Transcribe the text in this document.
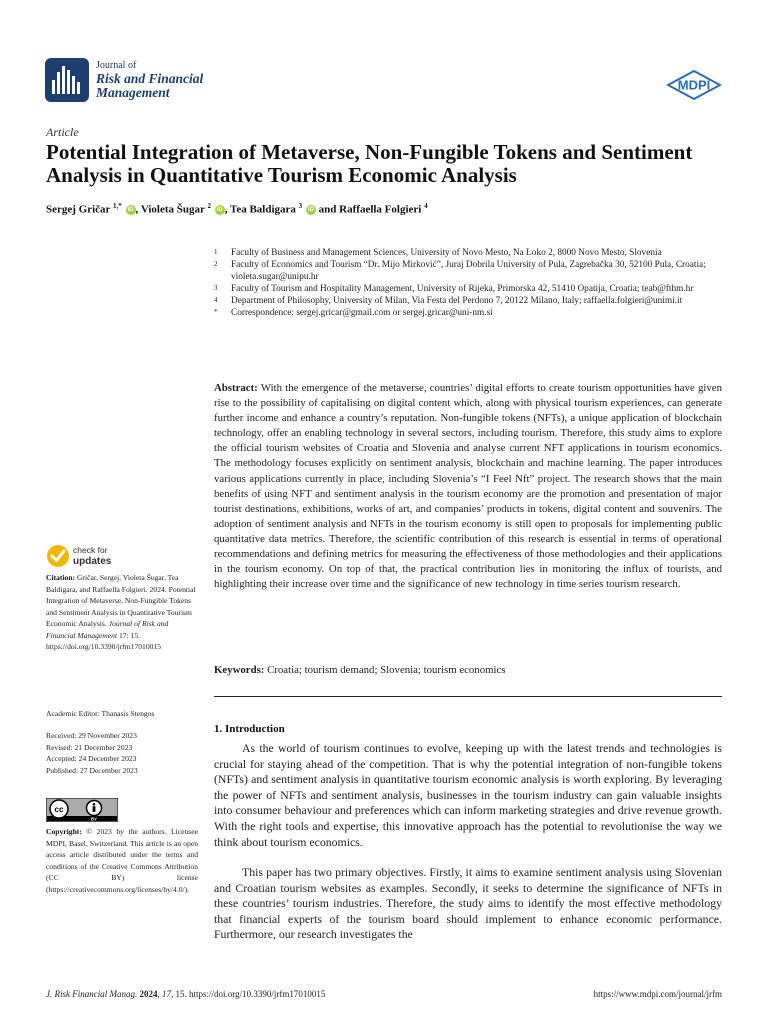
Journal of
Risk and Financial
Management	MDPI
Article
Potential Integration of Metaverse, Non-Fungible Tokens and Sentiment Analysis in Quantitative Tourism Economic Analysis
Sergej Gričar $^{1,*}$ iD , Violeta Šugar $^2$ iD , Tea Baldigara $^3$ iD and Raffaella Folgieri $^4$
1	Faculty of Business and Management Sciences, University of Novo Mesto, Na Loko 2, 8000 Novo Mesto, Slovenia
2	Faculty of Economics and Tourism “Dr. Mijo Mirković”, Juraj Dobrila University of Pula, Zagrebačka 30, 52100 Pula, Croatia; violeta.sugar@unipu.hr
3	Faculty of Tourism and Hospitality Management, University of Rijeka, Primorska 42, 51410 Opatija, Croatia; teab@fthm.hr
4	Department of Philosophy, University of Milan, Via Festa del Perdono 7, 20122 Milano, Italy; raffaella.folgieri@unimi.it
*	Correspondence: sergej.gricar@gmail.com or sergej.gricar@uni-nm.si
Abstract: With the emergence of the metaverse, countries’ digital efforts to create tourism opportunities have given rise to the possibility of capitalising on digital content which, along with physical tourism experiences, can generate further income and enhance a country’s reputation. Non-fungible tokens (NFTs), a unique application of blockchain technology, offer an enabling technology in several sectors, including tourism. Therefore, this study aims to explore the official tourism websites of Croatia and Slovenia and analyse current NFT applications in tourism economics. The methodology focuses explicitly on sentiment analysis, blockchain and machine learning. The paper introduces various applications currently in place, including Slovenia’s “I Feel Nft” project. The research shows that the main benefits of using NFT and sentiment analysis in the tourism economy are the promotion and presentation of major tourist destinations, exhibitions, works of art, and companies’ products in tokens, digital content and souvenirs. The adoption of sentiment analysis and NFTs in the tourism economy is still open to proposals for implementing public quantitative data metrics. Therefore, the scientific contribution of this research is essential in terms of operational recommendations and defining metrics for measuring the effectiveness of those methodologies and their applications in the tourism economy. On top of that, the practical contribution lies in monitoring the influx of tourists, and highlighting their increase over time and the significance of new technology in time series tourism research.
Keywords: Croatia; tourism demand; Slovenia; tourism economics
check for
updates
Citation: Gričar, Sergej, Violeta Šugar, Tea Baldigara, and Raffaella Folgieri. 2024. Potential Integration of Metaverse, Non-Fungible Tokens and Sentiment Analysis in Quantitative Tourism Economic Analysis. Journal of Risk and Financial Management 17: 15. https://doi.org/10.3390/jrfm17010015
Academic Editor: Thanasis Stengos
Received: 29 November 2023
Revised: 21 December 2023
Accepted: 24 December 2023
Published: 27 December 2023
cc
BY
Copyright: © 2023 by the authors. Licensee MDPI, Basel, Switzerland. This article is an open access article distributed under the terms and conditions of the Creative Commons Attribution (CC BY) license (https://creativecommons.org/licenses/by/4.0/).
1. Introduction

As the world of tourism continues to evolve, keeping up with the latest trends and technologies is crucial for staying ahead of the competition. That is why the potential integration of non-fungible tokens (NFTs) and sentiment analysis in quantitative tourism economic analysis is worth exploring. By leveraging the power of NFTs and sentiment analysis, businesses in the tourism industry can gain valuable insights into consumer behaviour and preferences which can inform marketing strategies and drive revenue growth. With the right tools and expertise, this innovative approach has the potential to revolutionise the way we think about tourism economics.

This paper has two primary objectives. Firstly, it aims to examine sentiment analysis using Slovenian and Croatian tourism websites as examples. Secondly, it seeks to determine the significance of NFTs in these countries’ tourism industries. Therefore, the study aims to identify the most effective methodology that financial experts of the tourism board should implement to enhance economic performance. Furthermore, our research investigates the

J. Risk Financial Manag. 2024, 17, 15. https://doi.org/10.3390/jrfm17010015	https://www.mdpi.com/journal/jrfm
